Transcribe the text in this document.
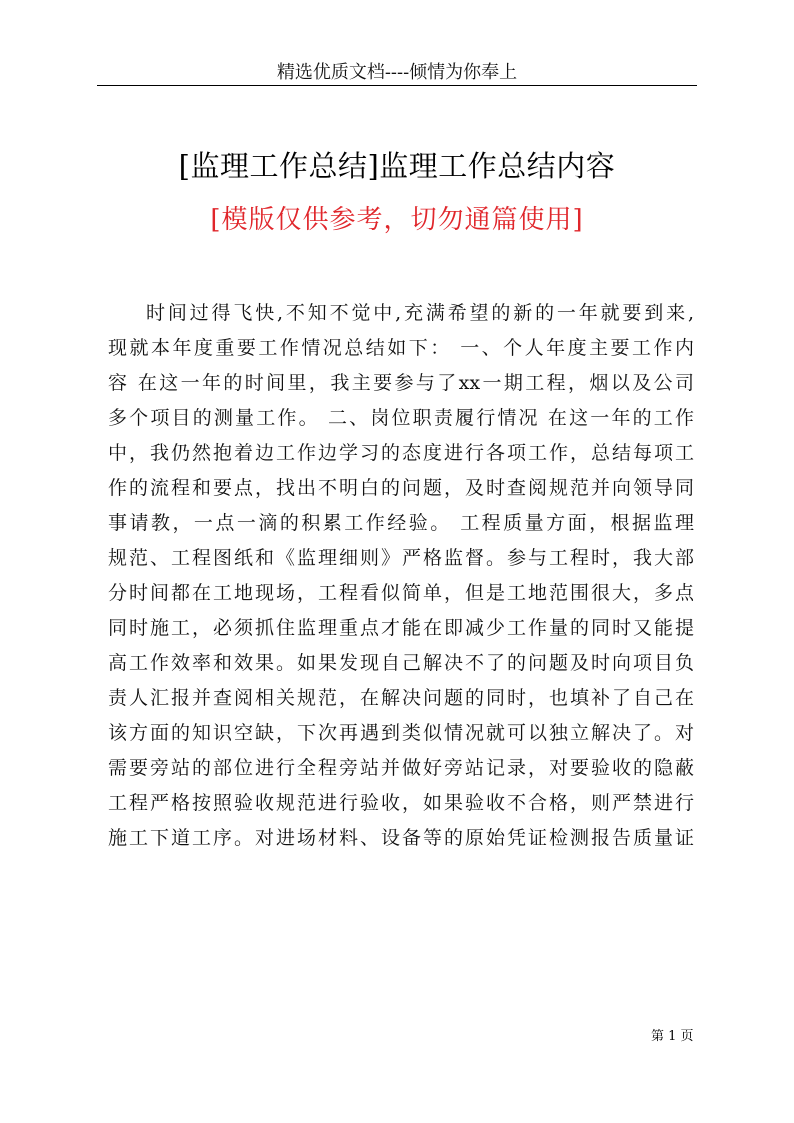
精选优质文档----倾情为你奉上
[监理工作总结]监理工作总结内容
[模版仅供参考，切勿通篇使用]
时间过得飞快,不知不觉中,充满希望的新的一年就要到来,
现就本年度重要工作情况总结如下： 一、个人年度主要工作内
容 在这一年的时间里，我主要参与了xx一期工程，烟以及公司
多个项目的测量工作。 二、岗位职责履行情况 在这一年的工作
中，我仍然抱着边工作边学习的态度进行各项工作，总结每项工
作的流程和要点，找出不明白的问题，及时查阅规范并向领导同
事请教，一点一滴的积累工作经验。 工程质量方面，根据监理
规范、工程图纸和《监理细则》严格监督。参与工程时，我大部
分时间都在工地现场，工程看似简单，但是工地范围很大，多点
同时施工，必须抓住监理重点才能在即减少工作量的同时又能提
高工作效率和效果。如果发现自己解决不了的问题及时向项目负
责人汇报并查阅相关规范，在解决问题的同时，也填补了自己在
该方面的知识空缺，下次再遇到类似情况就可以独立解决了。对
需要旁站的部位进行全程旁站并做好旁站记录，对要验收的隐蔽
工程严格按照验收规范进行验收，如果验收不合格，则严禁进行
施工下道工序。对进场材料、设备等的原始凭证检测报告质量证
第 1 页
